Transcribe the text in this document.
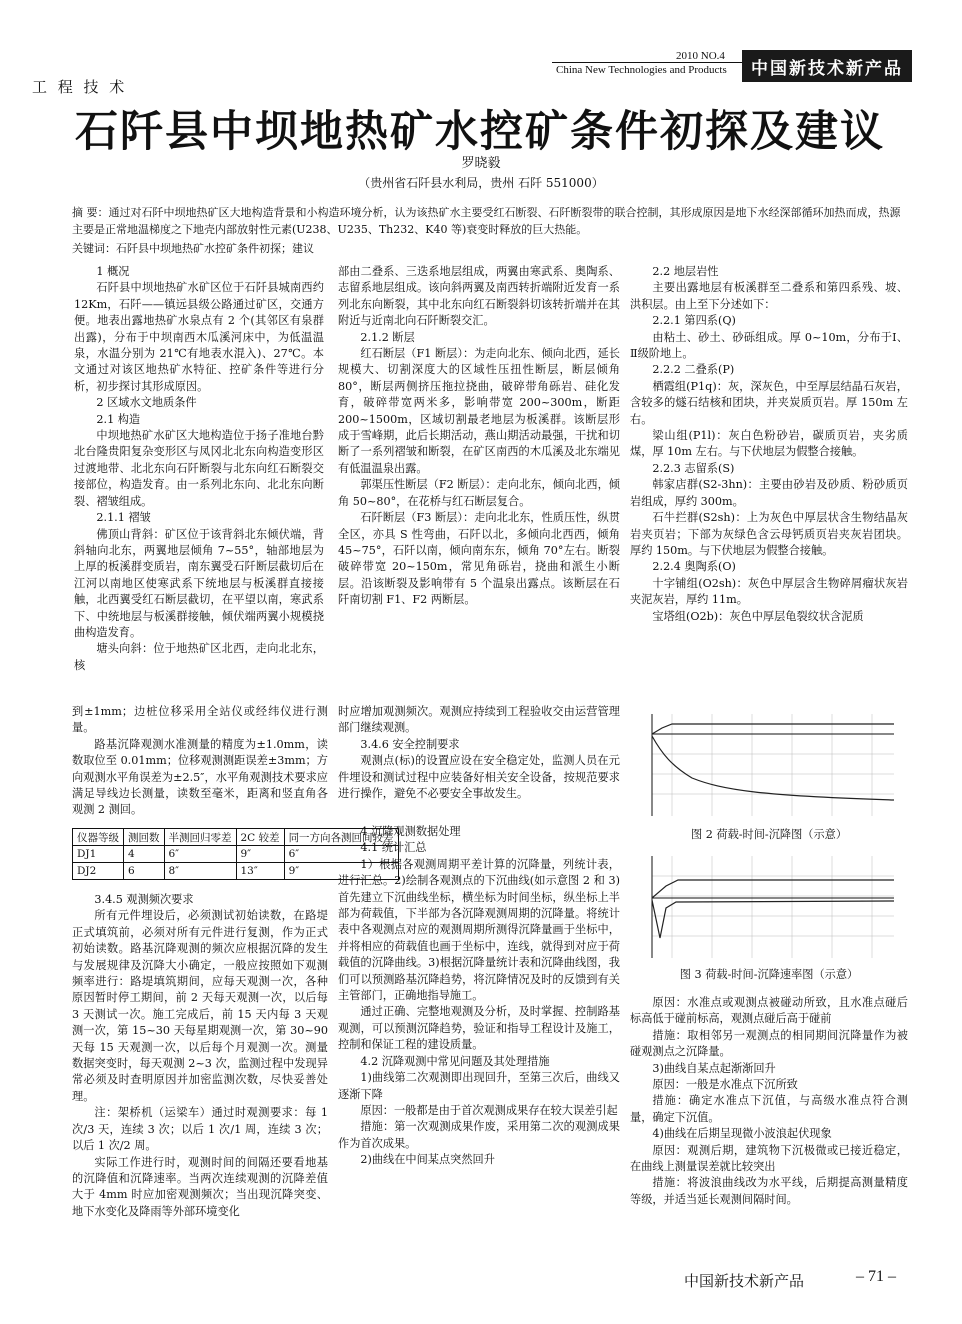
2010 NO.4
China New Technologies and Products	中国新技术新产品
工 程 技 术
石阡县中坝地热矿水控矿条件初探及建议
罗晓毅
（贵州省石阡县水利局，贵州 石阡 551000）
摘 要：通过对石阡中坝地热矿区大地构造背景和小构造环境分析，认为该热矿水主要受红石断裂、石阡断裂带的联合控制，其形成原因是地下水经深部循环加热而成，热源主要是正常地温梯度之下地壳内部放射性元素(U238、U235、Th232、K40 等)衰变时释放的巨大热能。
关键词：石阡县中坝地热矿水控矿条件初探；建议

1 概况

石阡县中坝地热矿水矿区位于石阡县城南西约 12Km，石阡——镇远县级公路通过矿区，交通方便。地表出露地热矿水泉点有 2 个(其邻区有泉群出露)，分布于中坝南西木瓜溪河床中，为低温温泉，水温分别为 21℃有地表水混入)、27℃。本文通过对该区地热矿水特征、控矿条件等进行分析，初步探讨其形成原因。

2 区域水文地质条件

2.1 构造

中坝地热矿水矿区大地构造位于扬子准地台黔北台隆贵阳复杂变形区与凤冈北北东向构造变形区过渡地带、北北东向石阡断裂与北东向红石断裂交接部位，构造发育。由一系列北东向、北北东向断裂、褶皱组成。

2.1.1 褶皱

佛顶山背斜：矿区位于该背斜北东倾伏端，背斜轴向北东，两翼地层倾角 7~55°，轴部地层为上厚的板溪群变质岩，南东翼受石阡断层截切后在江河以南地区使寒武系下统地层与板溪群直接接触，北西翼受红石断层截切，在平望以南，寒武系下、中统地层与板溪群接触，倾伏端两翼小规模挠曲构造发育。

塘头向斜：位于地热矿区北西，走向北北东，核

部由二叠系、三迭系地层组成，两翼由寒武系、奥陶系、志留系地层组成。该向斜两翼及南西转折端附近发育一系列北东向断裂，其中北东向红石断裂斜切该转折端并在其附近与近南北向石阡断裂交汇。

2.1.2 断层

红石断层（F1 断层）：为走向北东、倾向北西，延长规模大、切割深度大的区域性压扭性断层，断层倾角 80°，断层两侧挤压拖拉挠曲，破碎带角砾岩、硅化发育，破碎带宽两米多，影响带宽 200~300m，断距 200~1500m，区域切割最老地层为板溪群。该断层形成于雪峰期，此后长期活动，燕山期活动最强，干扰和切断了一系列褶皱和断裂，在矿区南西的木瓜溪及北东端见有低温温泉出露。

郭渠压性断层（F2 断层）：走向北东，倾向北西，倾角 50~80°，在花桥与红石断层复合。

石阡断层（F3 断层）：走向北北东，性质压性，纵贯全区，亦具 S 性弯曲，石阡以北，多倾向北西西，倾角 45~75°，石阡以南，倾向南东东，倾角 70°左右。断裂破碎带宽 20~150m，常见角砾岩，挠曲和派生小断层。沿该断裂及影响带有 5 个温泉出露点。该断层在石阡南切割 F1、F2 两断层。

2.2 地层岩性

主要出露地层有板溪群至二叠系和第四系残、坡、洪积层。由上至下分述如下：

2.2.1 第四系(Q)

由粘土、砂土、砂砾组成。厚 0~10m，分布于Ⅰ、Ⅱ级阶地上。

2.2.2 二叠系(P)

栖霞组(P1q)：灰，深灰色，中至厚层结晶石灰岩，含较多的燧石结核和团块，并夹炭质页岩。厚 150m 左右。

梁山组(P1l)：灰白色粉砂岩，碳质页岩，夹劣质煤，厚 10m 左右。与下伏地层为假整合接触。

2.2.3 志留系(S)

韩家店群(S2-3hn)：主要由砂岩及砂质、粉砂质页岩组成，厚约 300m。

石牛拦群(S2sh)：上为灰色中厚层状含生物结晶灰岩夹页岩；下部为灰绿色含云母钙质页岩夹灰岩团块。厚约 150m。与下伏地层为假整合接触。

2.2.4 奥陶系(O)

十字铺组(O2sh)：灰色中厚层含生物碎屑瘤状灰岩夹泥灰岩，厚约 11m。

宝塔组(O2b)：灰色中厚层龟裂纹状含泥质

到±1mm；边桩位移采用全站仪或经纬仪进行测量。

路基沉降观测水准测量的精度为±1.0mm，读数取位至 0.01mm；位移观测测距误差±3mm；方向观测水平角误差为±2.5″，水平角观测技术要求应满足导线边长测量，读数至毫米，距离和竖直角各观测 2 测回。

时应增加观测频次。观测应持续到工程验收交由运营管理部门继续观测。

3.4.6 安全控制要求

观测点(标)的设置应设在安全稳定处，监测人员在元件埋设和测试过程中应装备好相关安全设备，按规范要求进行操作，避免不必要安全事故发生。

仪器等级	测回数	半测回归零差	2C 较差	同一方向各测回间较差
DJ1	4	6″	9″	6″
DJ2	6	8″	13″	9″

3.4.5 观测频次要求

所有元件埋设后，必须测试初始读数，在路堤正式填筑前，必须对所有元件进行复测，作为正式初始读数。路基沉降观测的频次应根据沉降的发生与发展规律及沉降大小确定，一般应按照如下观测频率进行：路堤填筑期间，应每天观测一次，各种原因暂时停工期间，前 2 天每天观测一次，以后每 3 天测试一次。施工完成后，前 15 天内每 3 天观测一次，第 15~30 天每星期观测一次，第 30~90 天每 15 天观测一次，以后每个月观测一次。测量数据突变时，每天观测 2~3 次，监测过程中发现异常必须及时查明原因并加密监测次数，尽快妥善处理。

注：架桥机（运梁车）通过时观测要求：每 1 次/3 天，连续 3 次；以后 1 次/1 周，连续 3 次；以后 1 次/2 周。

实际工作进行时，观测时间的间隔还要看地基的沉降值和沉降速率。当两次连续观测的沉降差值大于 4mm 时应加密观测频次；当出现沉降突变、地下水变化及降雨等外部环境变化

4 沉降观测数据处理

4.1 统计汇总

1）根据各观测周期平差计算的沉降量，列统计表，进行汇总。2)绘制各观测点的下沉曲线(如示意图 2 和 3)首先建立下沉曲线坐标，横坐标为时间坐标，纵坐标上半部为荷载值，下半部为各沉降观测周期的沉降量。将统计表中各观测点对应的观测周期所测得沉降量画于坐标中，并将相应的荷载值也画于坐标中，连线，就得到对应于荷载值的沉降曲线。3)根据沉降量统计表和沉降曲线图，我们可以预测路基沉降趋势，将沉降情况及时的反馈到有关主管部门，正确地指导施工。

通过正确、完整地观测及分析，及时掌握、控制路基观测，可以预测沉降趋势，验证和指导工程设计及施工，控制和保证工程的建设质量。

4.2 沉降观测中常见问题及其处理措施

1)曲线第二次观测即出现回升，至第三次后，曲线又逐渐下降

原因：一般都是由于首次观测成果存在较大误差引起

措施：第一次观测成果作废，采用第二次的观测成果作为首次成果。

2)曲线在中间某点突然回升

图 2 荷载-时间-沉降图（示意）
图 3 荷载-时间-沉降速率图（示意）

原因：水准点或观测点被碰动所致，且水准点碰后标高低于碰前标高，观测点碰后高于碰前

措施：取相邻另一观测点的相同期间沉降量作为被碰观测点之沉降量。

3)曲线自某点起渐渐回升

原因：一般是水准点下沉所致

措施：确定水准点下沉值，与高级水准点符合测量，确定下沉值。

4)曲线在后期呈现微小波浪起伏现象

原因：观测后期，建筑物下沉极微或已接近稳定，在曲线上测量误差就比较突出

措施：将波浪曲线改为水平线，后期提高测量精度等级，并适当延长观测间隔时间。

中国新技术新产品	– 71 –
